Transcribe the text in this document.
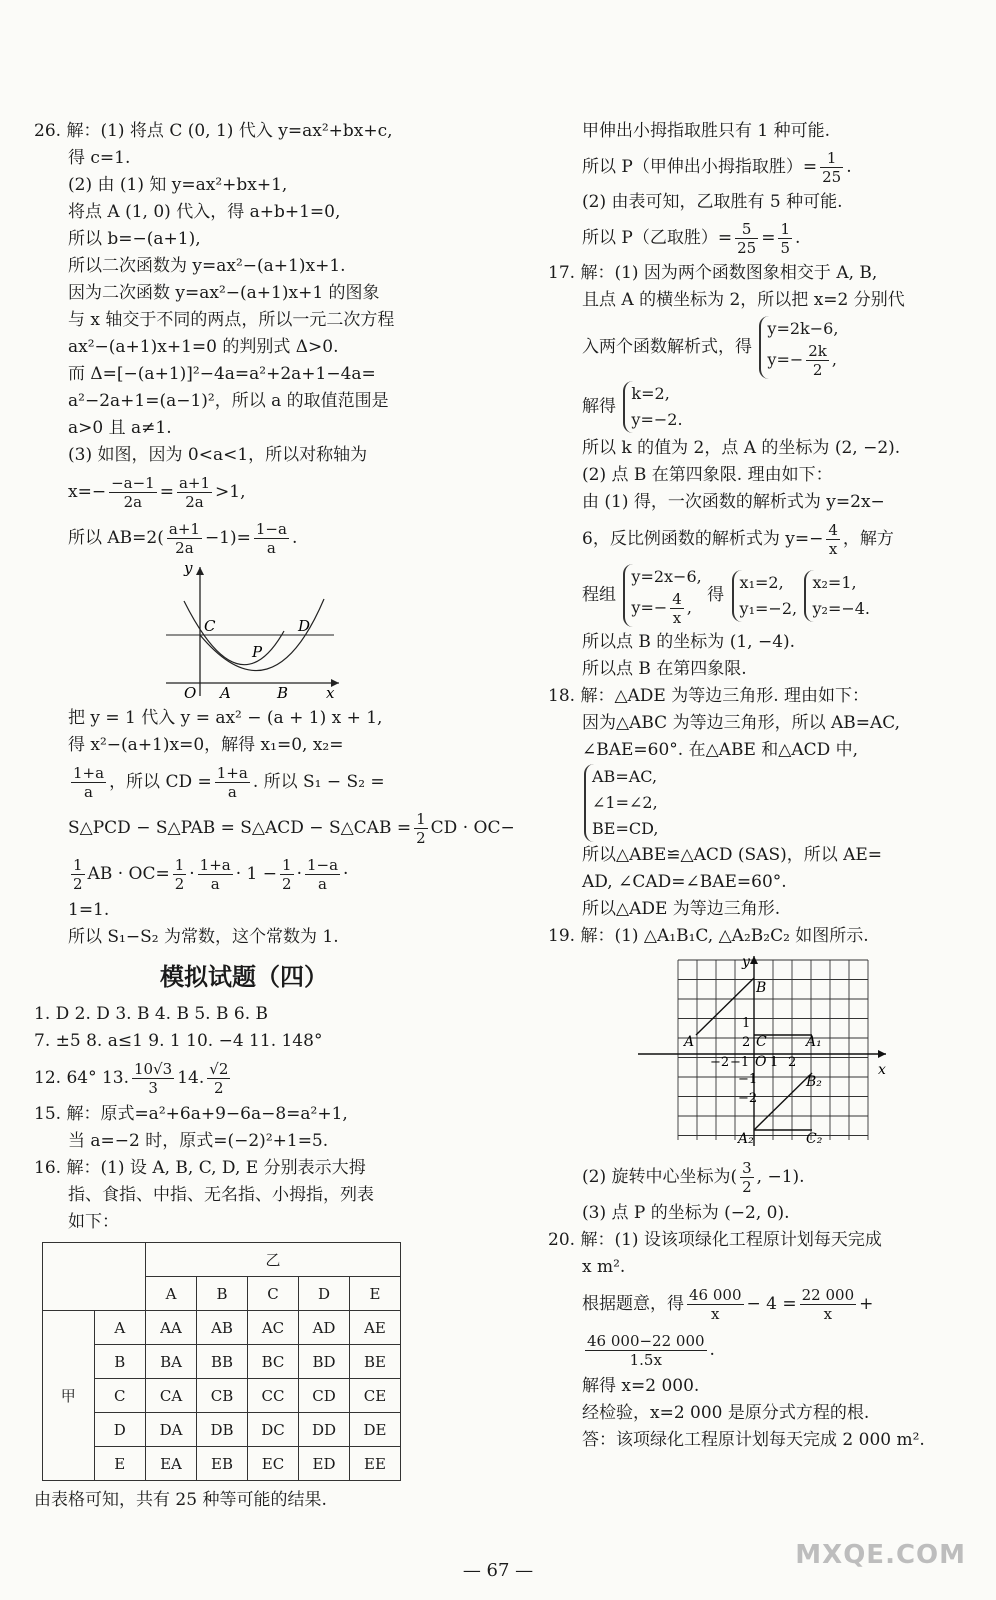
26. 解：(1) 将点 C (0, 1) 代入 y=ax²+bx+c,
得 c=1.
(2) 由 (1) 知 y=ax²+bx+1,
将点 A (1, 0) 代入，得 a+b+1=0,
所以 b=−(a+1),
所以二次函数为 y=ax²−(a+1)x+1.
因为二次函数 y=ax²−(a+1)x+1 的图象
与 x 轴交于不同的两点，所以一元二次方程
ax²−(a+1)x+1=0 的判别式 Δ>0.
而 Δ=[−(a+1)]²−4a=a²+2a+1−4a=
a²−2a+1=(a−1)²，所以 a 的取值范围是
a>0 且 a≠1.
(3) 如图，因为 0<a<1，所以对称轴为
$x=- \frac{-a-1}{2a} = \frac{a+1}{2a} >1$,
所以 $AB=2( \frac{a+1}{2a} -1)= \frac{1-a}{a}$ .
y
x
O A	B
C	D
P
把 y = 1 代入 y = ax² − (a + 1) x + 1,
得 x²−(a+1)x=0，解得 x₁=0, x₂=
$\frac{1+a}{a}$ ，所以 CD = $\frac{1+a}{a}$ . 所以 S₁ − S₂ =
S△PCD − S△PAB = S△ACD − S△CAB = $\frac{1}{2}$ CD · OC−
$\frac{1}{2}$ AB · $OC= \frac{1}{2} \cdot \frac{1+a}{a} \cdot 1 - \frac{1}{2} \cdot \frac{1-a}{a}$ ·
1=1.
所以 S₁−S₂ 为常数，这个常数为 1.
模拟试题（四）
1. D 2. D 3. B 4. B 5. B 6. B
7. ±5 8. a≤1 9. 1 10. −4 11. 148°
12. 64° 13. $\frac{10√3}{3} 14$. $\frac{√2}{2}$
15. 解：原式=a²+6a+9−6a−8=a²+1,
当 a=−2 时，原式=(−2)²+1=5.
16. 解：(1) 设 A, B, C, D, E 分别表示大拇
指、食指、中指、无名指、小拇指，列表
如下：
		乙				
		A	B	C	D	E
甲	A	AA	AB	AC	AD	AE
	B	BA	BB	BC	BD	BE
	C	CA	CB	CC	CD	CE
	D	DA	DB	DC	DD	DE
	E	EA	EB	EC	ED	EE
由表格可知，共有 25 种等可能的结果.
甲伸出小拇指取胜只有 1 种可能.
所以 P（甲伸出小拇指取胜）= $\frac{1}{25}$ .
(2) 由表可知，乙取胜有 5 种可能.
所以 P（乙取胜）= $\frac{5}{25} = \frac{1}{5}$ .
17. 解：(1) 因为两个函数图象相交于 A, B,
且点 A 的横坐标为 2，所以把 x=2 分别代
入两个函数解析式，得
y=2k−6,
$y=- \frac{2k}{2}$ ,
解得
k=2,
y=−2.
所以 k 的值为 2，点 A 的坐标为 (2, −2).
(2) 点 B 在第四象限. 理由如下：
由 (1) 得，一次函数的解析式为 y=2x−
6，反比例函数的解析式为 $y=- \frac{4}{x}$ ，解方
程组
y=2x−6,
$y=- \frac{4}{x}$ ,
得
x₁=2,
y₁=−2,

x₂=1,
y₂=−4.
所以点 B 的坐标为 (1, −4).
所以点 B 在第四象限.
18. 解：△ADE 为等边三角形. 理由如下：
因为△ABC 为等边三角形，所以 AB=AC,
∠BAE=60°. 在△ABE 和△ACD 中,
AB=AC,
∠1=∠2,
BE=CD,
所以△ABE≌△ACD (SAS)，所以 AE=
AD, ∠CAD=∠BAE=60°.
所以△ADE 为等边三角形.
19. 解：(1) △A₁B₁C, △A₂B₂C₂ 如图所示.
y
x
B
A	C	A₁
B₂
A₂	C₂
O
2
1
−2 −1 1 2
−1
−2
(2) 旋转中心坐标为( $\frac{3}{2}$ , −1).
(3) 点 P 的坐标为 (−2, 0).
20. 解：(1) 设该项绿化工程原计划每天完成
x m².
根据题意，得 $\frac{46 000}{x} - 4 = \frac{22 000}{x}$ +
$\frac{46 000-22 000}{1.5x}$ .
解得 x=2 000.
经检验，x=2 000 是原分式方程的根.
答：该项绿化工程原计划每天完成 2 000 m².
— 67 —
MXQE.COM
